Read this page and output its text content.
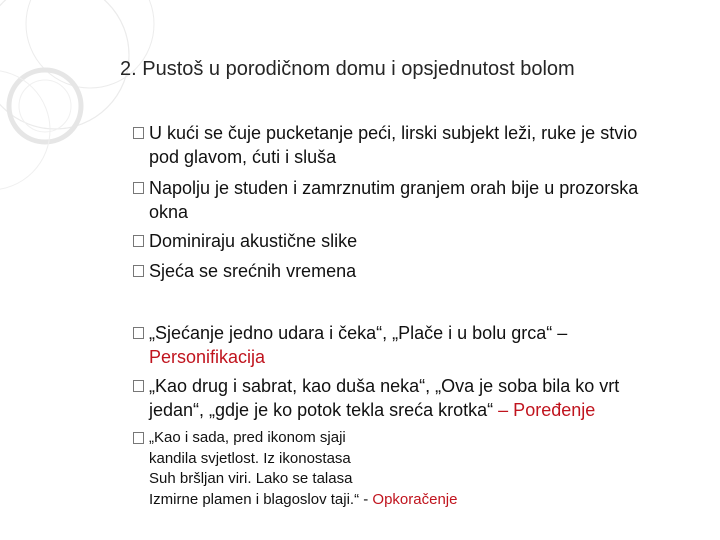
2. Pustoš u porodičnom domu i opsjednutost bolom
U kući se čuje pucketanje peći, lirski subjekt leži, ruke je stvio
pod glavom, ćuti i sluša
Napolju je studen i zamrznutim granjem orah bije u prozorska
okna
Dominiraju akustične slike
Sjeća se srećnih vremena
„Sjećanje jedno udara i čeka“, „Plače i u bolu grca“ –
Personifikacija
„Kao drug i sabrat, kao duša neka“, „Ova je soba bila ko vrt
jedan“, „gdje je ko potok tekla sreća krotka“ – Poređenje
„Kao i sada, pred ikonom sjaji
kandila svjetlost. Iz ikonostasa
Suh bršljan viri. Lako se talasa
Izmirne plamen i blagoslov taji.“ - Opkoračenje
